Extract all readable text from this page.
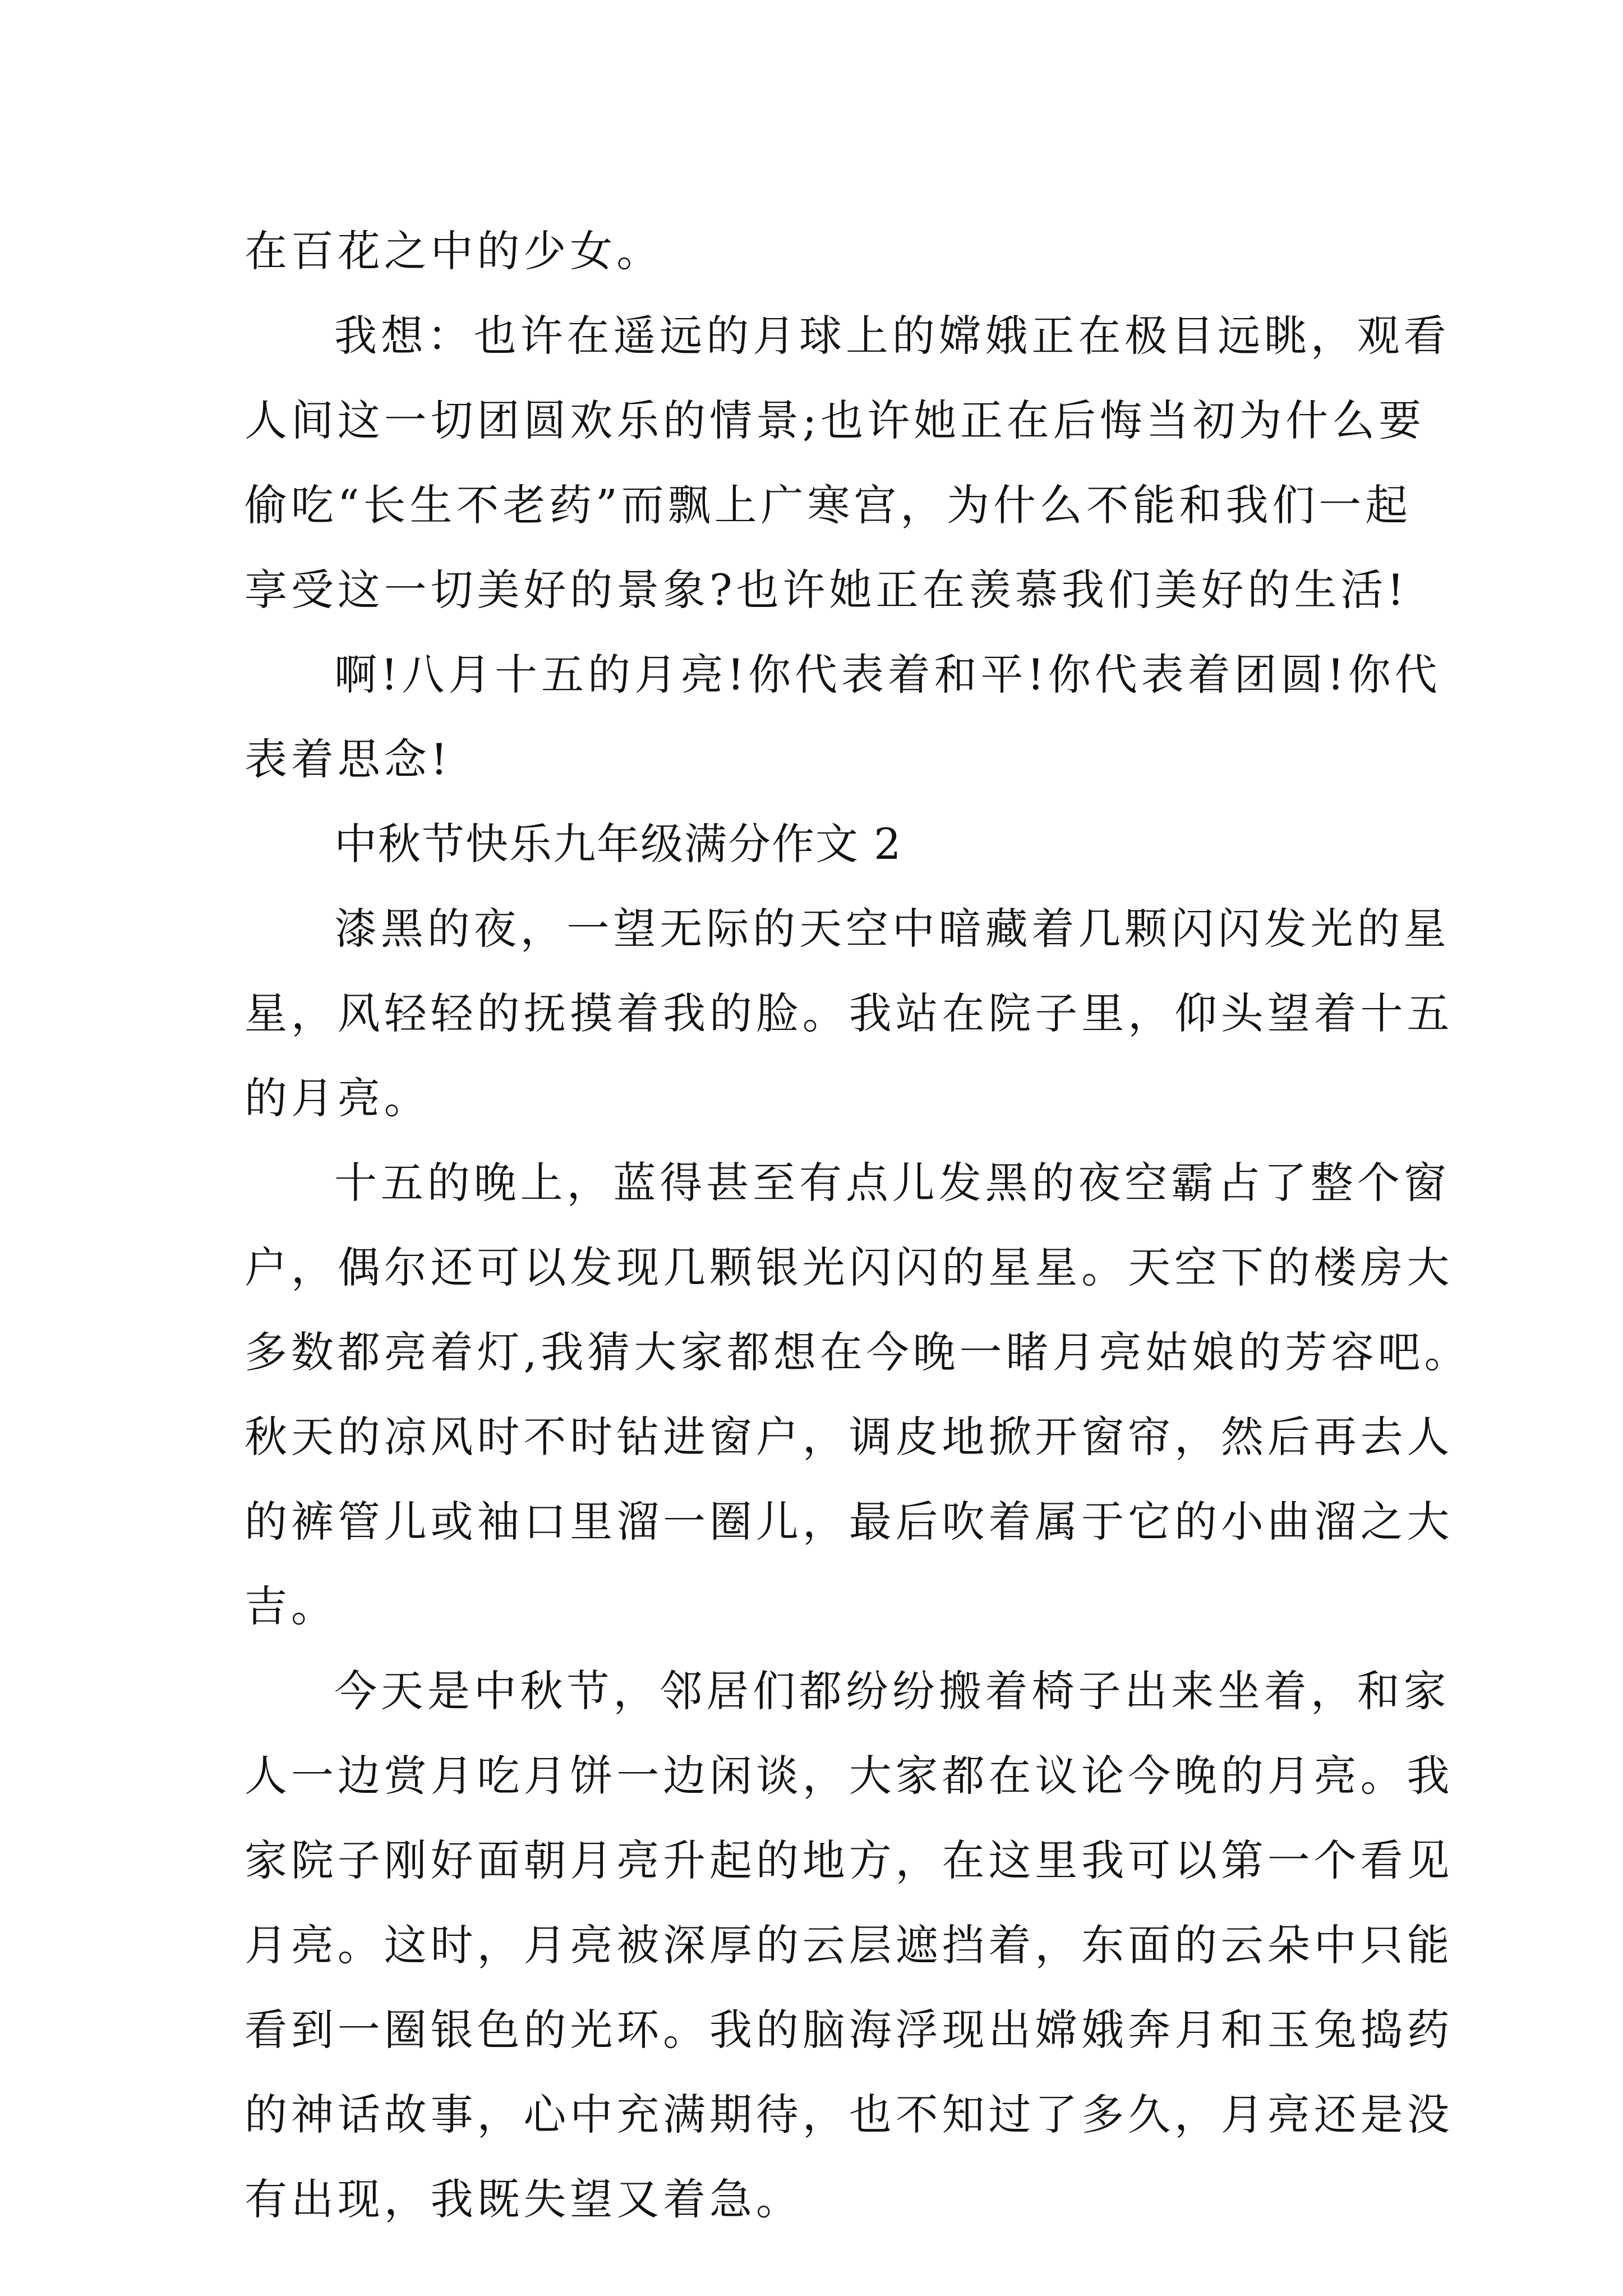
在百花之中的少女。
我想：也许在遥远的月球上的嫦娥正在极目远眺，观看
人间这一切团圆欢乐的情景;也许她正在后悔当初为什么要
偷吃“长生不老药”而飘上广寒宫，为什么不能和我们一起
享受这一切美好的景象?也许她正在羡慕我们美好的生活!
啊!八月十五的月亮!你代表着和平!你代表着团圆!你代
表着思念!
中秋节快乐九年级满分作文 2
漆黑的夜，一望无际的天空中暗藏着几颗闪闪发光的星
星，风轻轻的抚摸着我的脸。我站在院子里，仰头望着十五
的月亮。
十五的晚上，蓝得甚至有点儿发黑的夜空霸占了整个窗
户，偶尔还可以发现几颗银光闪闪的星星。天空下的楼房大
多数都亮着灯,我猜大家都想在今晚一睹月亮姑娘的芳容吧。
秋天的凉风时不时钻进窗户，调皮地掀开窗帘，然后再去人
的裤管儿或袖口里溜一圈儿，最后吹着属于它的小曲溜之大
吉。
今天是中秋节，邻居们都纷纷搬着椅子出来坐着，和家
人一边赏月吃月饼一边闲谈，大家都在议论今晚的月亮。我
家院子刚好面朝月亮升起的地方，在这里我可以第一个看见
月亮。这时，月亮被深厚的云层遮挡着，东面的云朵中只能
看到一圈银色的光环。我的脑海浮现出嫦娥奔月和玉兔捣药
的神话故事，心中充满期待，也不知过了多久，月亮还是没
有出现，我既失望又着急。
